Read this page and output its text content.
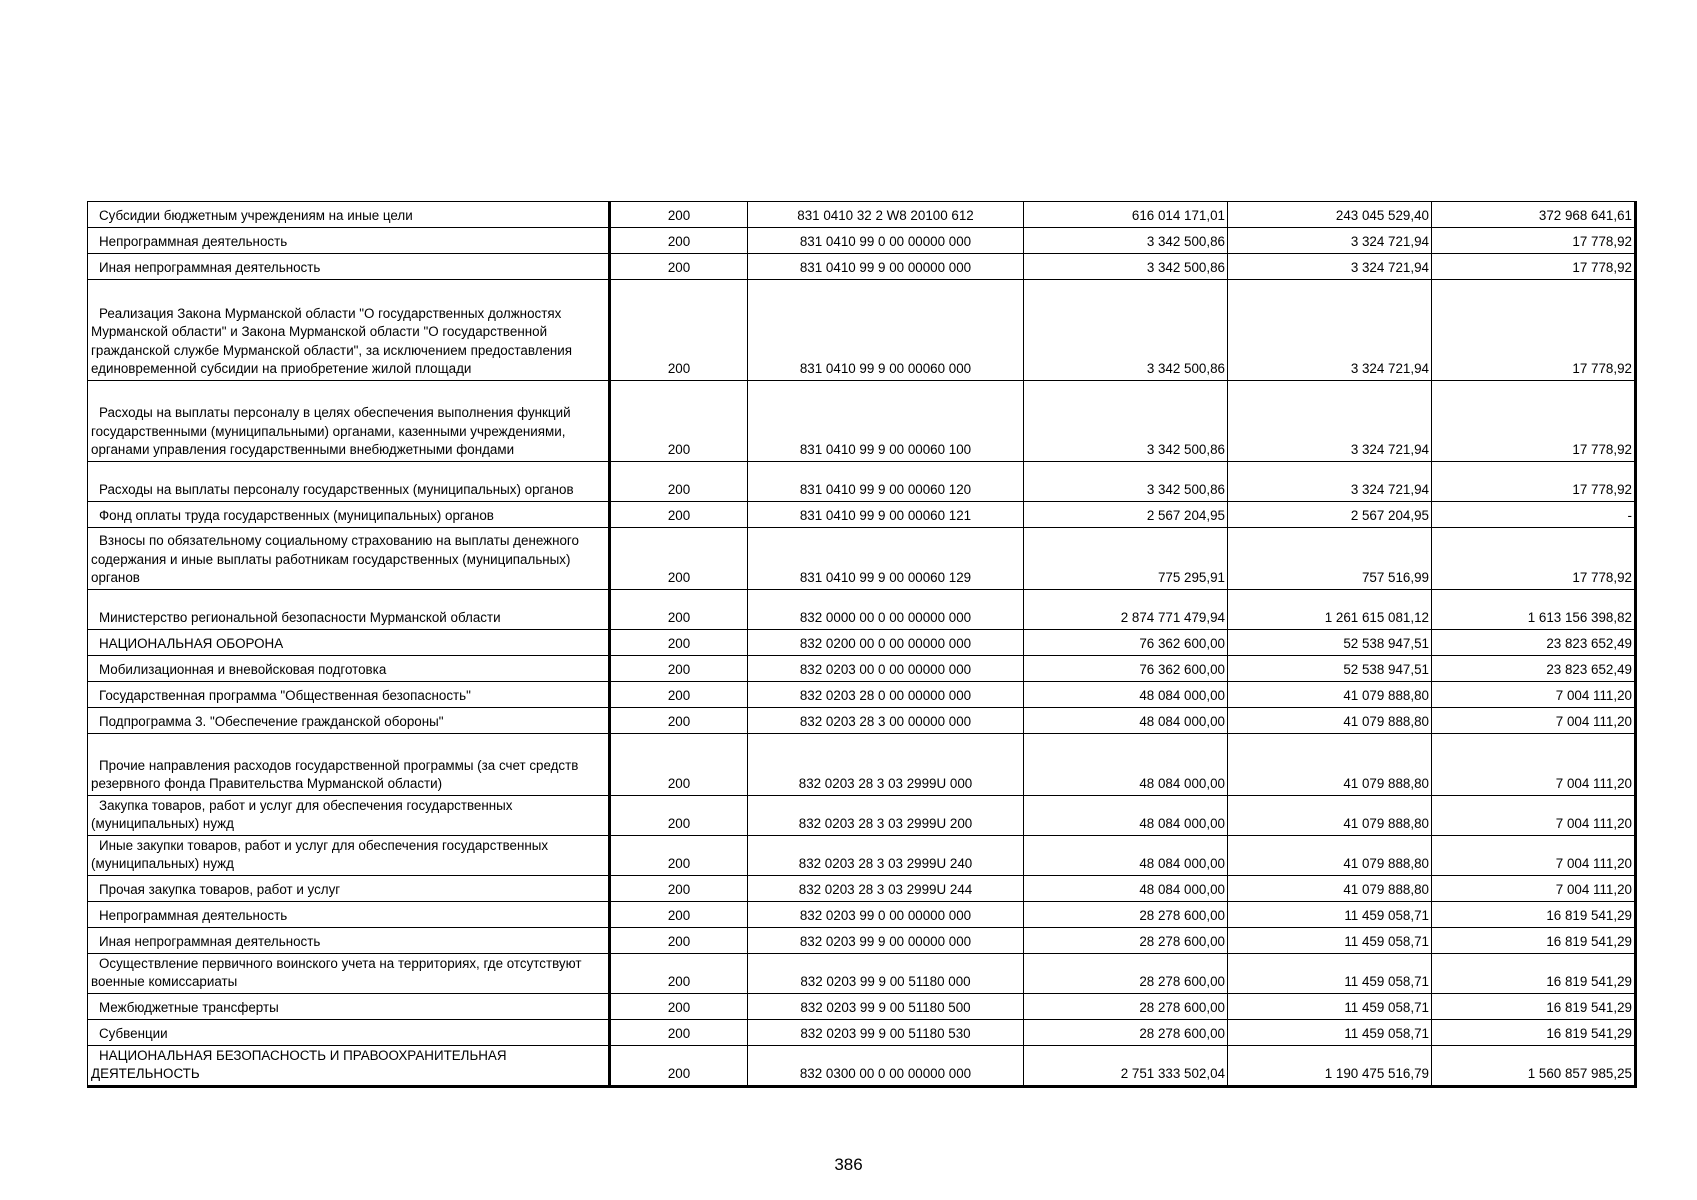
Субсидии бюджетным учреждениям на иные цели	200	831 0410 32 2 W8 20100 612	616 014 171,01	243 045 529,40	372 968 641,61
Непрограммная деятельность	200	831 0410 99 0 00 00000 000	3 342 500,86	3 324 721,94	17 778,92
Иная непрограммная деятельность	200	831 0410 99 9 00 00000 000	3 342 500,86	3 324 721,94	17 778,92
Реализация Закона Мурманской области "О государственных должностях Мурманской области" и Закона Мурманской области "О государственной гражданской службе Мурманской области", за исключением предоставления единовременной субсидии на приобретение жилой площади	200	831 0410 99 9 00 00060 000	3 342 500,86	3 324 721,94	17 778,92
Расходы на выплаты персоналу в целях обеспечения выполнения функций государственными (муниципальными) органами, казенными учреждениями, органами управления государственными внебюджетными фондами	200	831 0410 99 9 00 00060 100	3 342 500,86	3 324 721,94	17 778,92
Расходы на выплаты персоналу государственных (муниципальных) органов	200	831 0410 99 9 00 00060 120	3 342 500,86	3 324 721,94	17 778,92
Фонд оплаты труда государственных (муниципальных) органов	200	831 0410 99 9 00 00060 121	2 567 204,95	2 567 204,95	-
Взносы по обязательному социальному страхованию на выплаты денежного содержания и иные выплаты работникам государственных (муниципальных) органов	200	831 0410 99 9 00 00060 129	775 295,91	757 516,99	17 778,92
Министерство региональной безопасности Мурманской области	200	832 0000 00 0 00 00000 000	2 874 771 479,94	1 261 615 081,12	1 613 156 398,82
НАЦИОНАЛЬНАЯ ОБОРОНА	200	832 0200 00 0 00 00000 000	76 362 600,00	52 538 947,51	23 823 652,49
Мобилизационная и вневойсковая подготовка	200	832 0203 00 0 00 00000 000	76 362 600,00	52 538 947,51	23 823 652,49
Государственная программа "Общественная безопасность"	200	832 0203 28 0 00 00000 000	48 084 000,00	41 079 888,80	7 004 111,20
Подпрограмма 3. "Обеспечение гражданской обороны"	200	832 0203 28 3 00 00000 000	48 084 000,00	41 079 888,80	7 004 111,20
Прочие направления расходов государственной программы (за счет средств резервного фонда Правительства Мурманской области)	200	832 0203 28 3 03 2999U 000	48 084 000,00	41 079 888,80	7 004 111,20
Закупка товаров, работ и услуг для обеспечения государственных (муниципальных) нужд	200	832 0203 28 3 03 2999U 200	48 084 000,00	41 079 888,80	7 004 111,20
Иные закупки товаров, работ и услуг для обеспечения государственных (муниципальных) нужд	200	832 0203 28 3 03 2999U 240	48 084 000,00	41 079 888,80	7 004 111,20
Прочая закупка товаров, работ и услуг	200	832 0203 28 3 03 2999U 244	48 084 000,00	41 079 888,80	7 004 111,20
Непрограммная деятельность	200	832 0203 99 0 00 00000 000	28 278 600,00	11 459 058,71	16 819 541,29
Иная непрограммная деятельность	200	832 0203 99 9 00 00000 000	28 278 600,00	11 459 058,71	16 819 541,29
Осуществление первичного воинского учета на территориях, где отсутствуют военные комиссариаты	200	832 0203 99 9 00 51180 000	28 278 600,00	11 459 058,71	16 819 541,29
Межбюджетные трансферты	200	832 0203 99 9 00 51180 500	28 278 600,00	11 459 058,71	16 819 541,29
Субвенции	200	832 0203 99 9 00 51180 530	28 278 600,00	11 459 058,71	16 819 541,29
НАЦИОНАЛЬНАЯ БЕЗОПАСНОСТЬ И ПРАВООХРАНИТЕЛЬНАЯ ДЕЯТЕЛЬНОСТЬ	200	832 0300 00 0 00 00000 000	2 751 333 502,04	1 190 475 516,79	1 560 857 985,25
386
